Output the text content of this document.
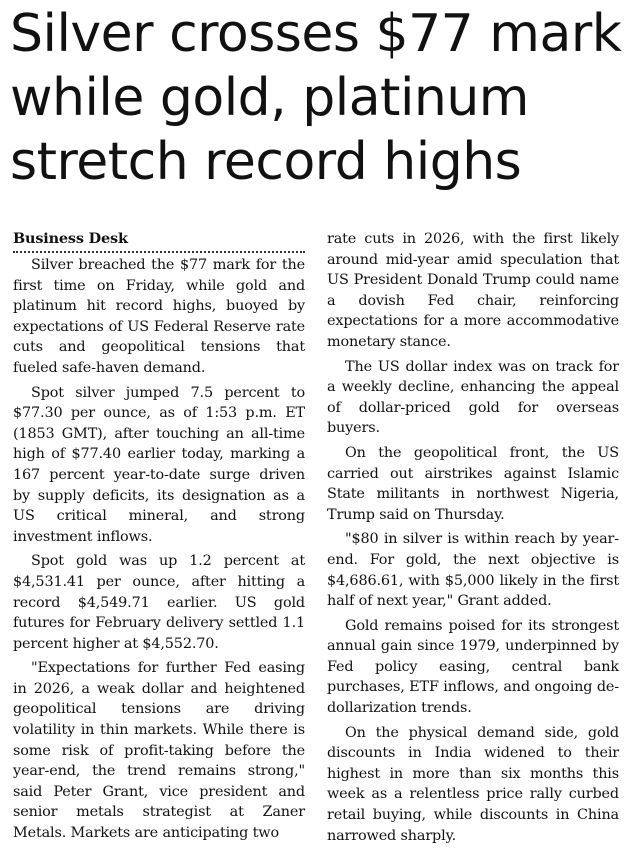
Silver crosses $77 mark while gold, platinum stretch record highs
Business Desk

Silver breached the $77 mark for the first time on Friday, while gold and platinum hit record highs, buoyed by expectations of US Federal Reserve rate cuts and geopolitical tensions that fueled safe-haven demand.

Spot silver jumped 7.5 percent to $77.30 per ounce, as of 1:53 p.m. ET (1853 GMT), after touching an all-time high of $77.40 earlier today, marking a 167 percent year-to-date surge driven by supply deficits, its designation as a US critical mineral, and strong investment inflows.

Spot gold was up 1.2 percent at $4,531.41 per ounce, after hitting a record $4,549.71 earlier. US gold futures for February delivery settled 1.1 percent higher at $4,552.70.

"Expectations for further Fed easing in 2026, a weak dollar and heightened geopolitical tensions are driving volatility in thin markets. While there is some risk of profit-taking before the year-end, the trend remains strong," said Peter Grant, vice president and senior metals strategist at Zaner Metals. Markets are anticipating two

rate cuts in 2026, with the first likely around mid-year amid speculation that US President Donald Trump could name a dovish Fed chair, reinforcing expectations for a more accommodative monetary stance.

The US dollar index was on track for a weekly decline, enhancing the appeal of dollar-priced gold for overseas buyers.

On the geopolitical front, the US carried out airstrikes against Islamic State militants in northwest Nigeria, Trump said on Thursday.

"$80 in silver is within reach by year-end. For gold, the next objective is $4,686.61, with $5,000 likely in the first half of next year," Grant added.

Gold remains poised for its strongest annual gain since 1979, underpinned by Fed policy easing, central bank purchases, ETF inflows, and ongoing de-dollarization trends.

On the physical demand side, gold discounts in India widened to their highest in more than six months this week as a relentless price rally curbed retail buying, while discounts in China narrowed sharply.
